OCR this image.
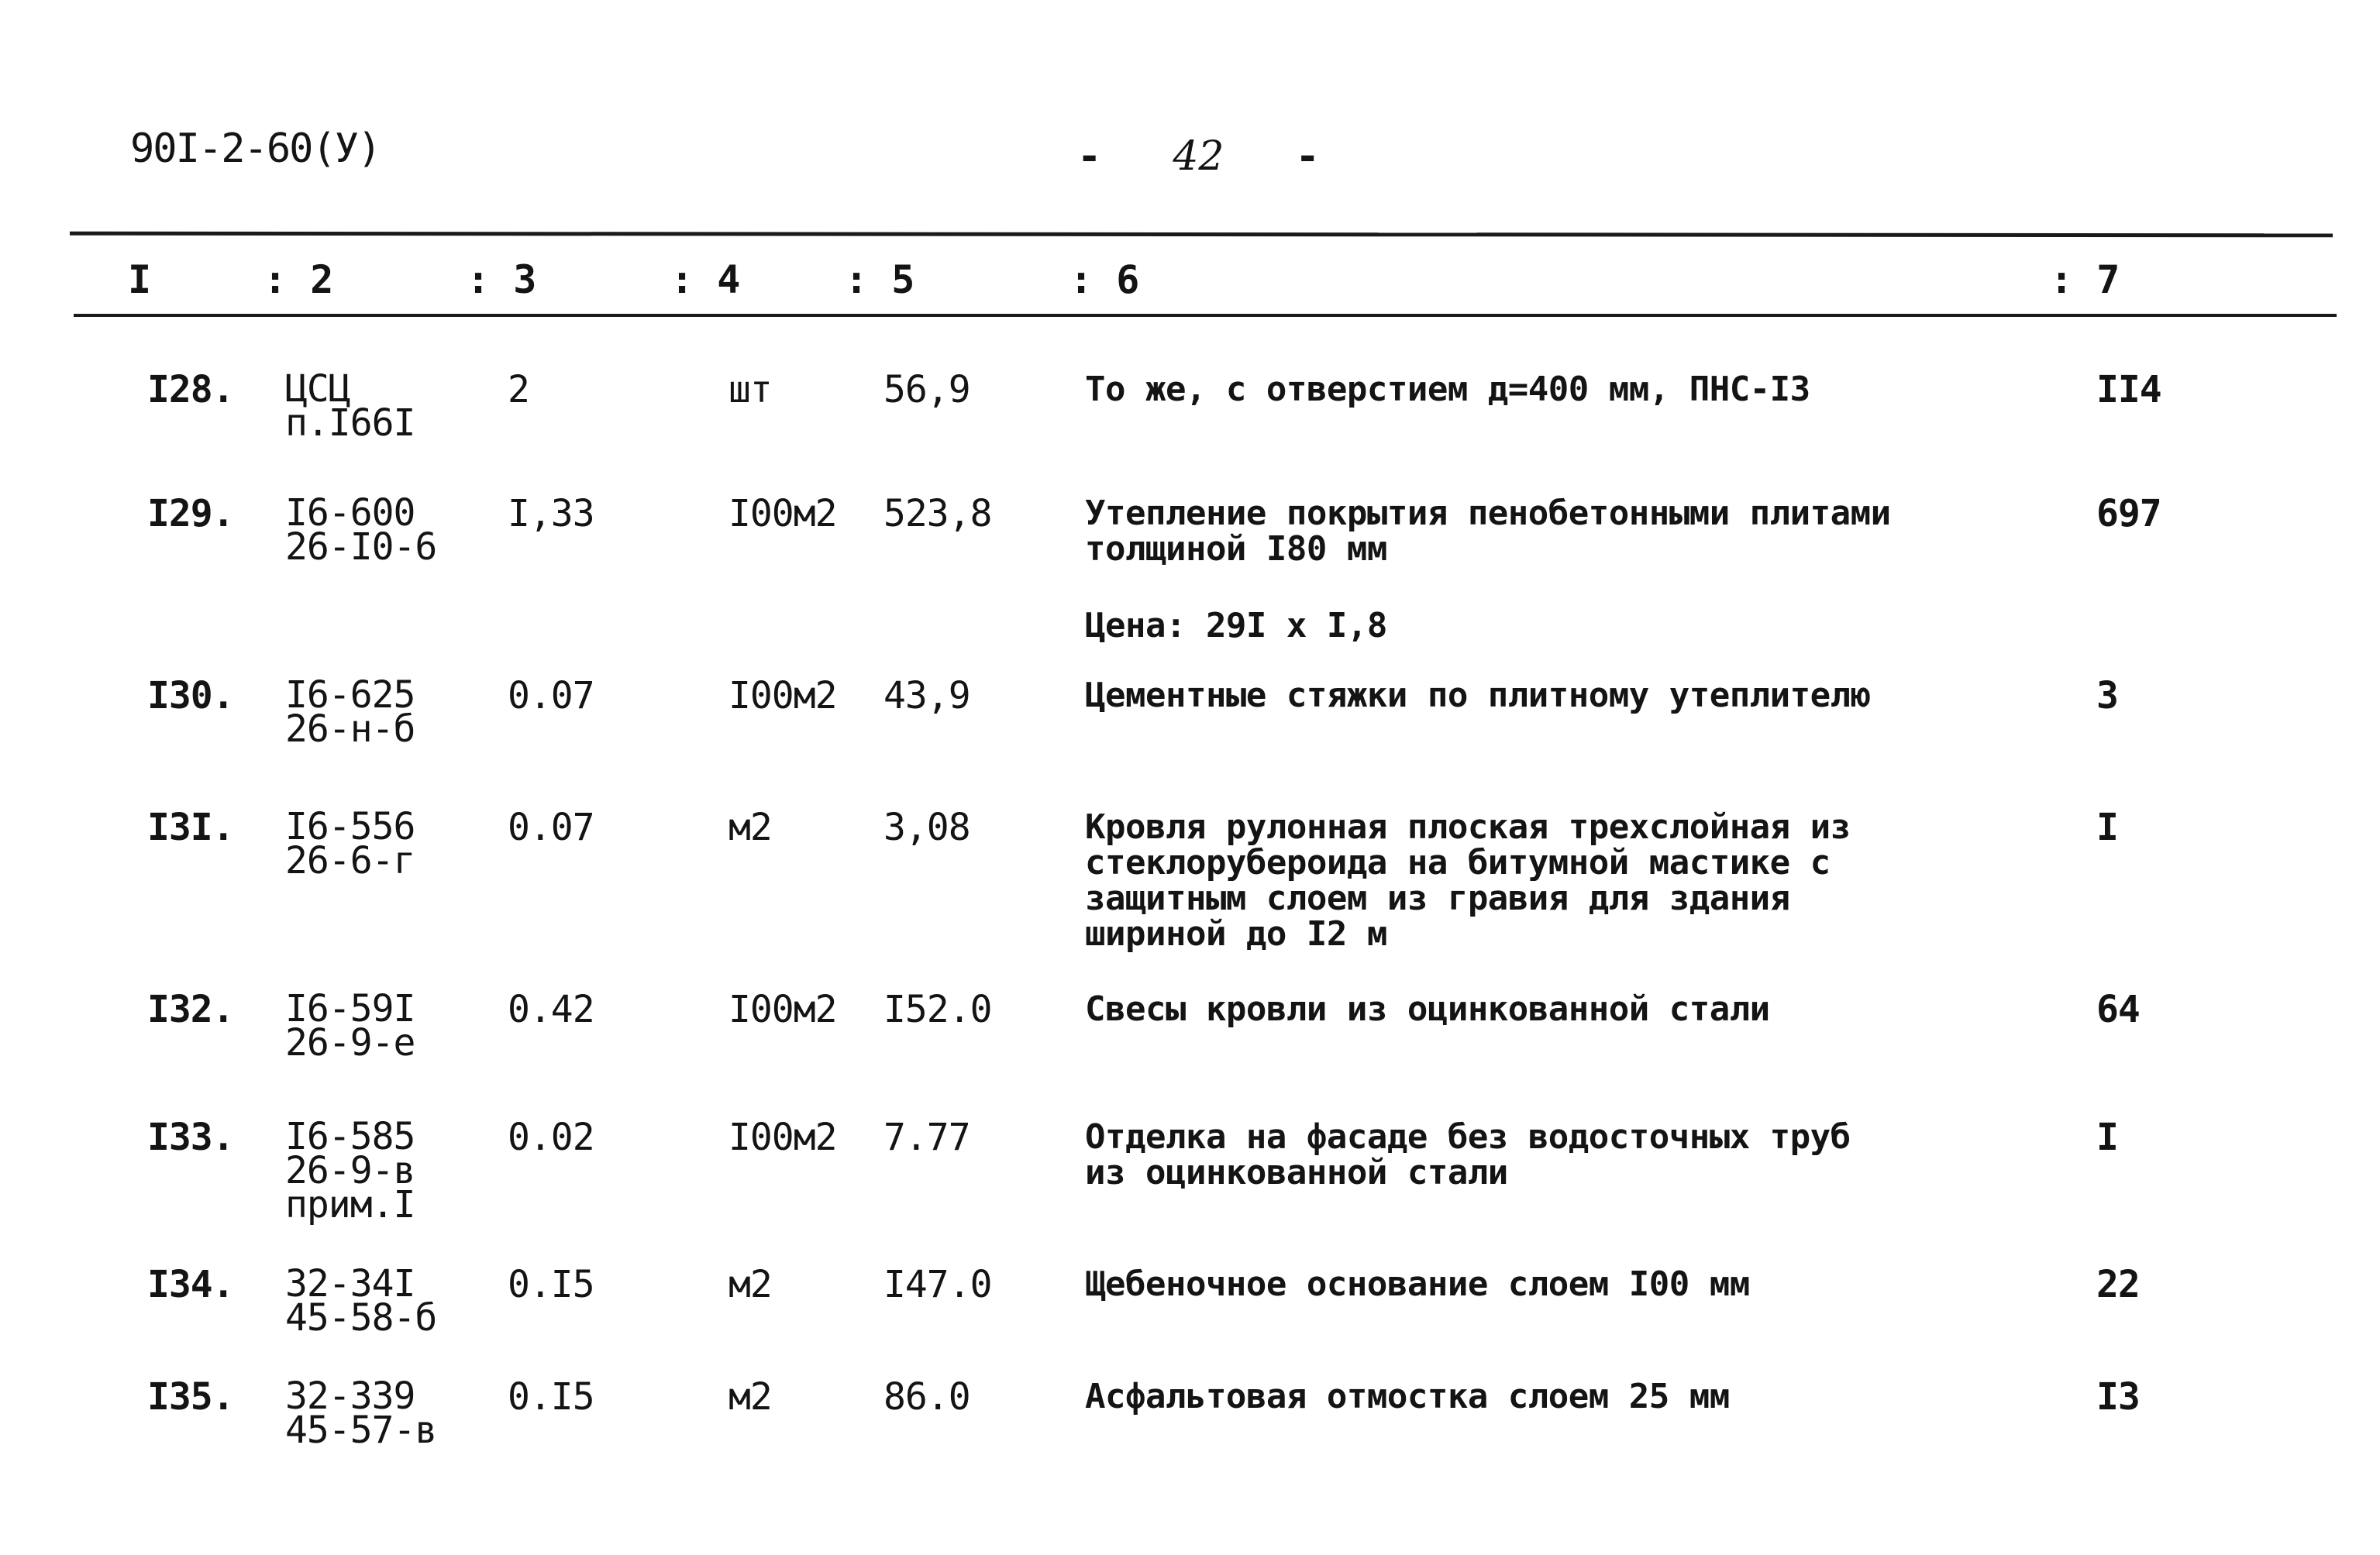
90I-2-60(У)	- 42 -
I	: 2	: 3	: 4	: 5	: 6	: 7
I28. ЦСЦ
п.I66I
2	шт	56,9	То же, с отверстием д=400 мм, ПНС-I3	II4
I29. I6-600
26-I0-6
I,33	I00м2 523,8	Утепление покрытия пенобетонными плитами
толщиной I80 мм
697
Цена: 29I x I,8
I30. I6-625
26-н-б
0.07	I00м2 43,9	Цементные стяжки по плитному утеплителю	3
I3I. I6-556
26-6-г
0.07	м2	3,08	Кровля рулонная плоская трехслойная из
стеклорубероида на битумной мастике с
защитным слоем из гравия для здания
шириной до I2 м
I
I32. I6-59I
26-9-е
0.42	I00м2 I52.0	Свесы кровли из оцинкованной стали	64
I33. I6-585
26-9-в
прим.I
0.02	I00м2 7.77	Отделка на фасаде без водосточных труб
из оцинкованной стали
I
I34. 32-34I
45-58-б
0.I5	м2	I47.0	Щебеночное основание слоем I00 мм	22
I35. 32-339
45-57-в
0.I5	м2	86.0	Асфальтовая отмостка слоем 25 мм	I3
